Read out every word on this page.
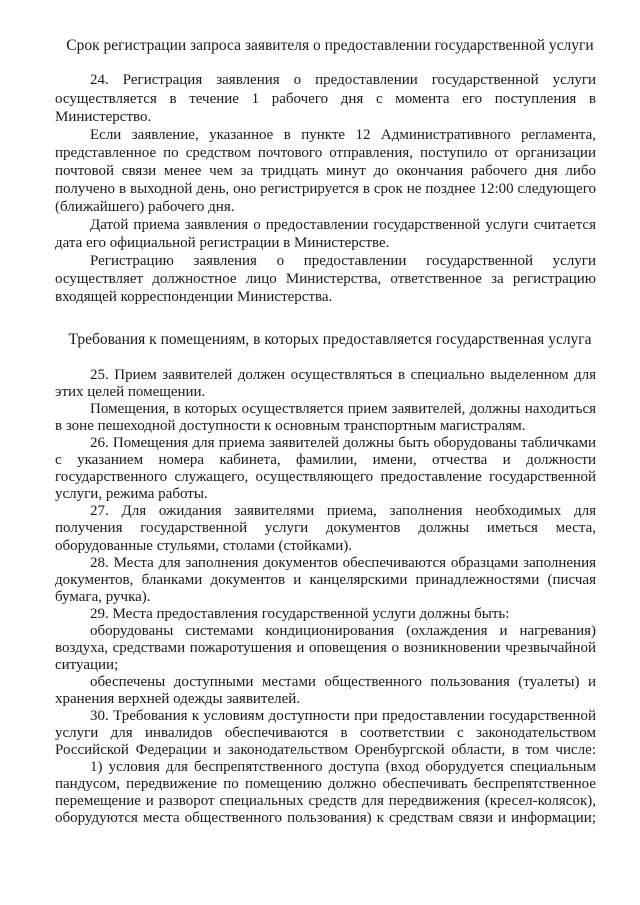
Срок регистрации запроса заявителя о предоставлении государственной услуги
24. Регистрация заявления о предоставлении государственной услуги
осуществляется в течение 1 рабочего дня с момента его поступления в
Министерство.
Если заявление, указанное в пункте 12 Административного регламента,
представленное по средством почтового отправления, поступило от организации
почтовой связи менее чем за тридцать минут до окончания рабочего дня либо
получено в выходной день, оно регистрируется в срок не позднее 12:00 следующего
(ближайшего) рабочего дня.
Датой приема заявления о предоставлении государственной услуги считается
дата его официальной регистрации в Министерстве.
Регистрацию заявления о предоставлении государственной услуги
осуществляет должностное лицо Министерства, ответственное за регистрацию
входящей корреспонденции Министерства.
Требования к помещениям, в которых предоставляется государственная услуга
25. Прием заявителей должен осуществляться в специально выделенном для
этих целей помещении.
Помещения, в которых осуществляется прием заявителей, должны находиться
в зоне пешеходной доступности к основным транспортным магистралям.
26. Помещения для приема заявителей должны быть оборудованы табличками
с указанием номера кабинета, фамилии, имени, отчества и должности
государственного служащего, осуществляющего предоставление государственной
услуги, режима работы.
27. Для ожидания заявителями приема, заполнения необходимых для
получения государственной услуги документов должны иметься места,
оборудованные стульями, столами (стойками).
28. Места для заполнения документов обеспечиваются образцами заполнения
документов, бланками документов и канцелярскими принадлежностями (писчая
бумага, ручка).
29. Места предоставления государственной услуги должны быть:
оборудованы системами кондиционирования (охлаждения и нагревания)
воздуха, средствами пожаротушения и оповещения о возникновении чрезвычайной
ситуации;
обеспечены доступными местами общественного пользования (туалеты) и
хранения верхней одежды заявителей.
30. Требования к условиям доступности при предоставлении государственной
услуги для инвалидов обеспечиваются в соответствии с законодательством
Российской Федерации и законодательством Оренбургской области, в том числе:
1) условия для беспрепятственного доступа (вход оборудуется специальным
пандусом, передвижение по помещению должно обеспечивать беспрепятственное
перемещение и разворот специальных средств для передвижения (кресел-колясок),
оборудуются места общественного пользования) к средствам связи и информации;
